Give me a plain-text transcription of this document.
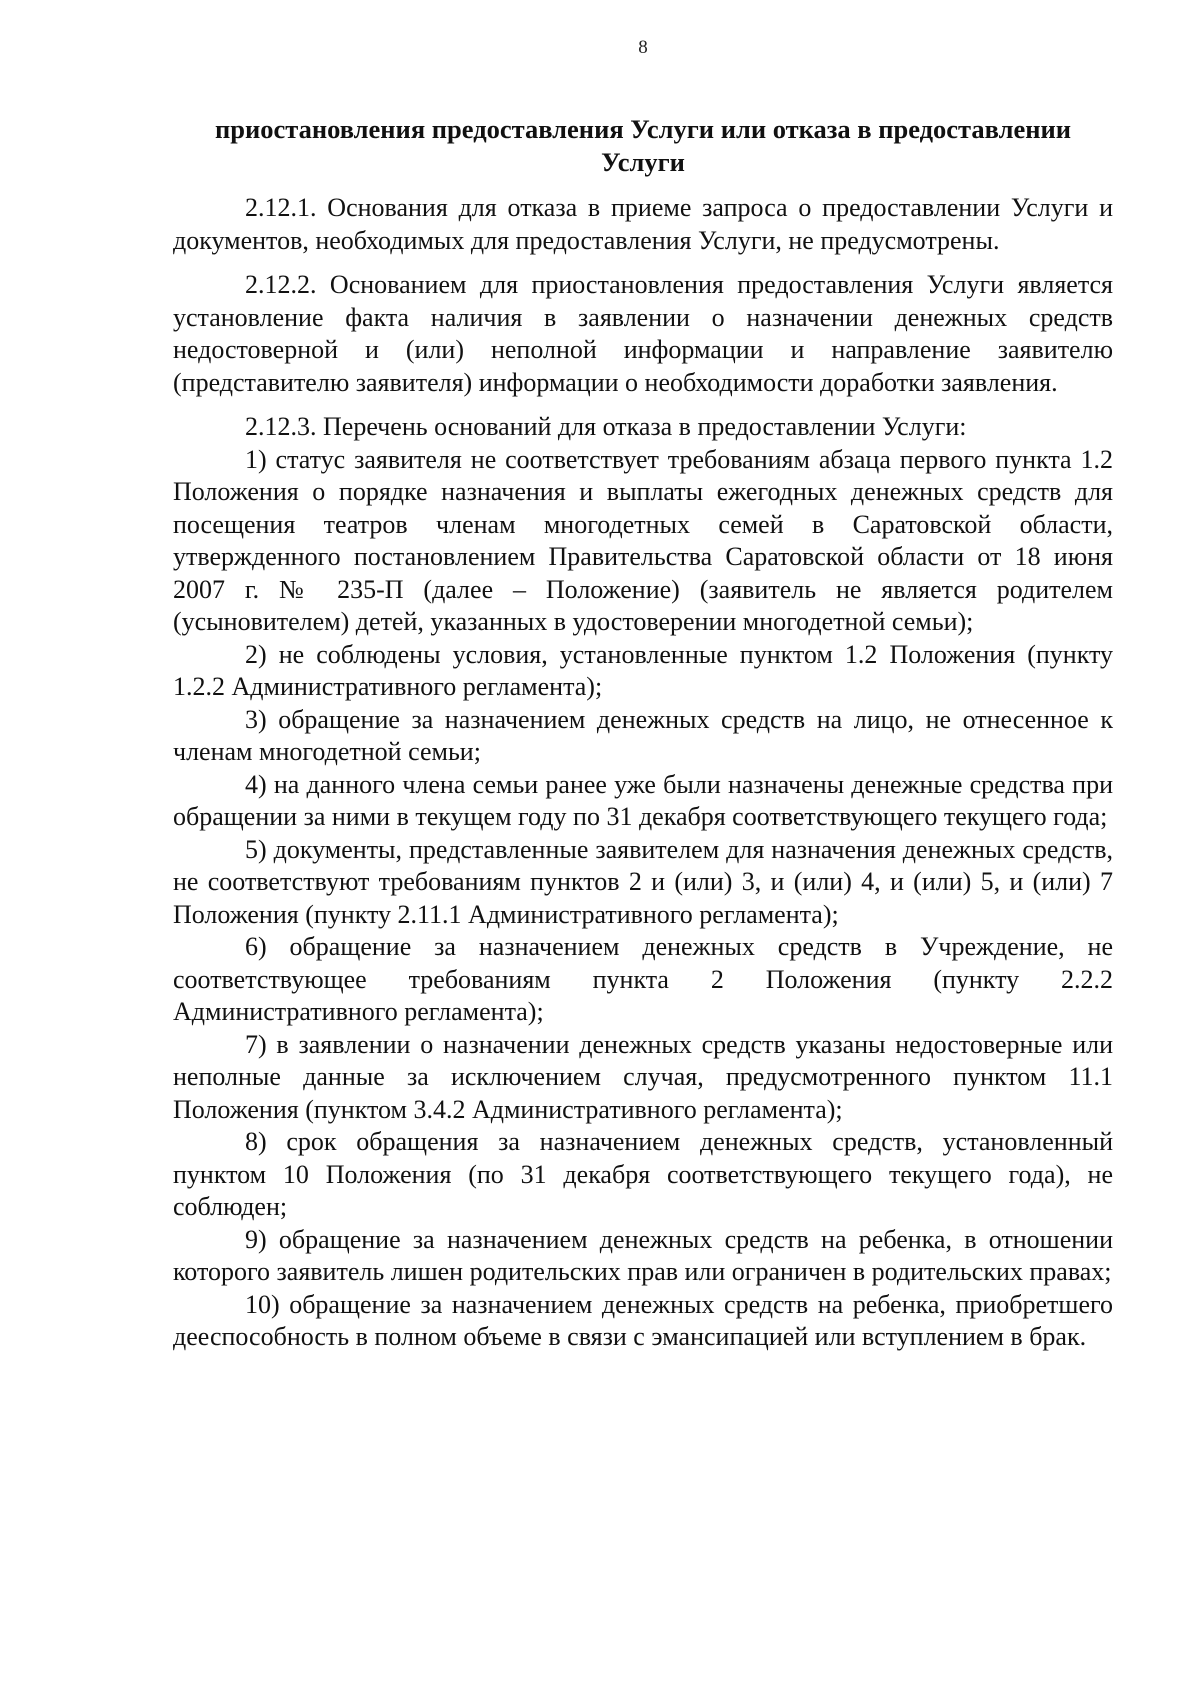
8
приостановления предоставления Услуги или отказа в предоставлении Услуги

2.12.1. Основания для отказа в приеме запроса о предоставлении Услуги и документов, необходимых для предоставления Услуги, не предусмотрены.

2.12.2. Основанием для приостановления предоставления Услуги является установление факта наличия в заявлении о назначении денежных средств недостоверной и (или) неполной информации и направление заявителю (представителю заявителя) информации о необходимости доработки заявления.

2.12.3. Перечень оснований для отказа в предоставлении Услуги:

1) статус заявителя не соответствует требованиям абзаца первого пункта 1.2 Положения о порядке назначения и выплаты ежегодных денежных средств для посещения театров членам многодетных семей в Саратовской области, утвержденного постановлением Правительства Саратовской области от 18 июня 2007 г. № 235-П (далее – Положение) (заявитель не является родителем (усыновителем) детей, указанных в удостоверении многодетной семьи);

2) не соблюдены условия, установленные пунктом 1.2 Положения (пункту 1.2.2 Административного регламента);

3) обращение за назначением денежных средств на лицо, не отнесенное к членам многодетной семьи;

4) на данного члена семьи ранее уже были назначены денежные средства при обращении за ними в текущем году по 31 декабря соответствующего текущего года;

5) документы, представленные заявителем для назначения денежных средств, не соответствуют требованиям пунктов 2 и (или) 3, и (или) 4, и (или) 5, и (или) 7 Положения (пункту 2.11.1 Административного регламента);

6) обращение за назначением денежных средств в Учреждение, не соответствующее требованиям пункта 2 Положения (пункту 2.2.2 Административного регламента);

7) в заявлении о назначении денежных средств указаны недостоверные или неполные данные за исключением случая, предусмотренного пунктом 11.1 Положения (пунктом 3.4.2 Административного регламента);

8) срок обращения за назначением денежных средств, установленный пунктом 10 Положения (по 31 декабря соответствующего текущего года), не соблюден;

9) обращение за назначением денежных средств на ребенка, в отношении которого заявитель лишен родительских прав или ограничен в родительских правах;

10) обращение за назначением денежных средств на ребенка, приобретшего дееспособность в полном объеме в связи с эмансипацией или вступлением в брак.
